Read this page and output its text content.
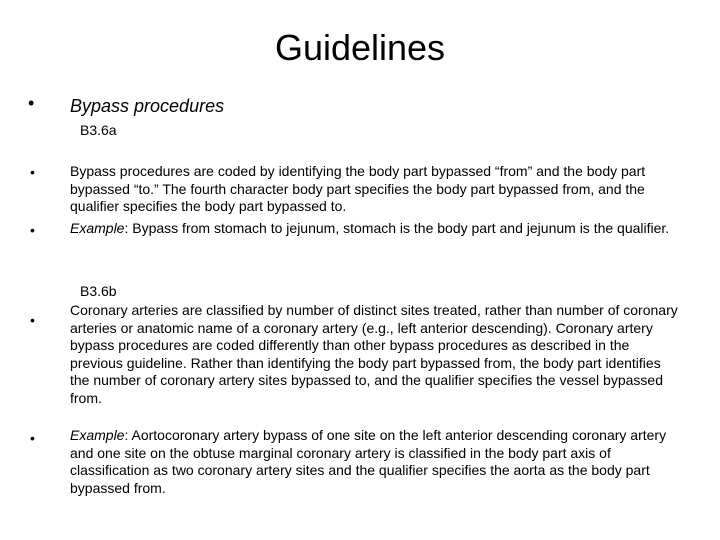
Guidelines
• Bypass procedures
B3.6a
•	Bypass procedures are coded by identifying the body part bypassed “from” and the body part bypassed “to.” The fourth character body part specifies the body part bypassed from, and the qualifier specifies the body part bypassed to.
•	Example: Bypass from stomach to jejunum, stomach is the body part and jejunum is the qualifier.
B3.6b
•
Coronary arteries are classified by number of distinct sites treated, rather than number of coronary arteries or anatomic name of a coronary artery (e.g., left anterior descending). Coronary artery bypass procedures are coded differently than other bypass procedures as described in the previous guideline. Rather than identifying the body part bypassed from, the body part identifies the number of coronary artery sites bypassed to, and the qualifier specifies the vessel bypassed from.
•	Example: Aortocoronary artery bypass of one site on the left anterior descending coronary artery and one site on the obtuse marginal coronary artery is classified in the body part axis of classification as two coronary artery sites and the qualifier specifies the aorta as the body part bypassed from.
